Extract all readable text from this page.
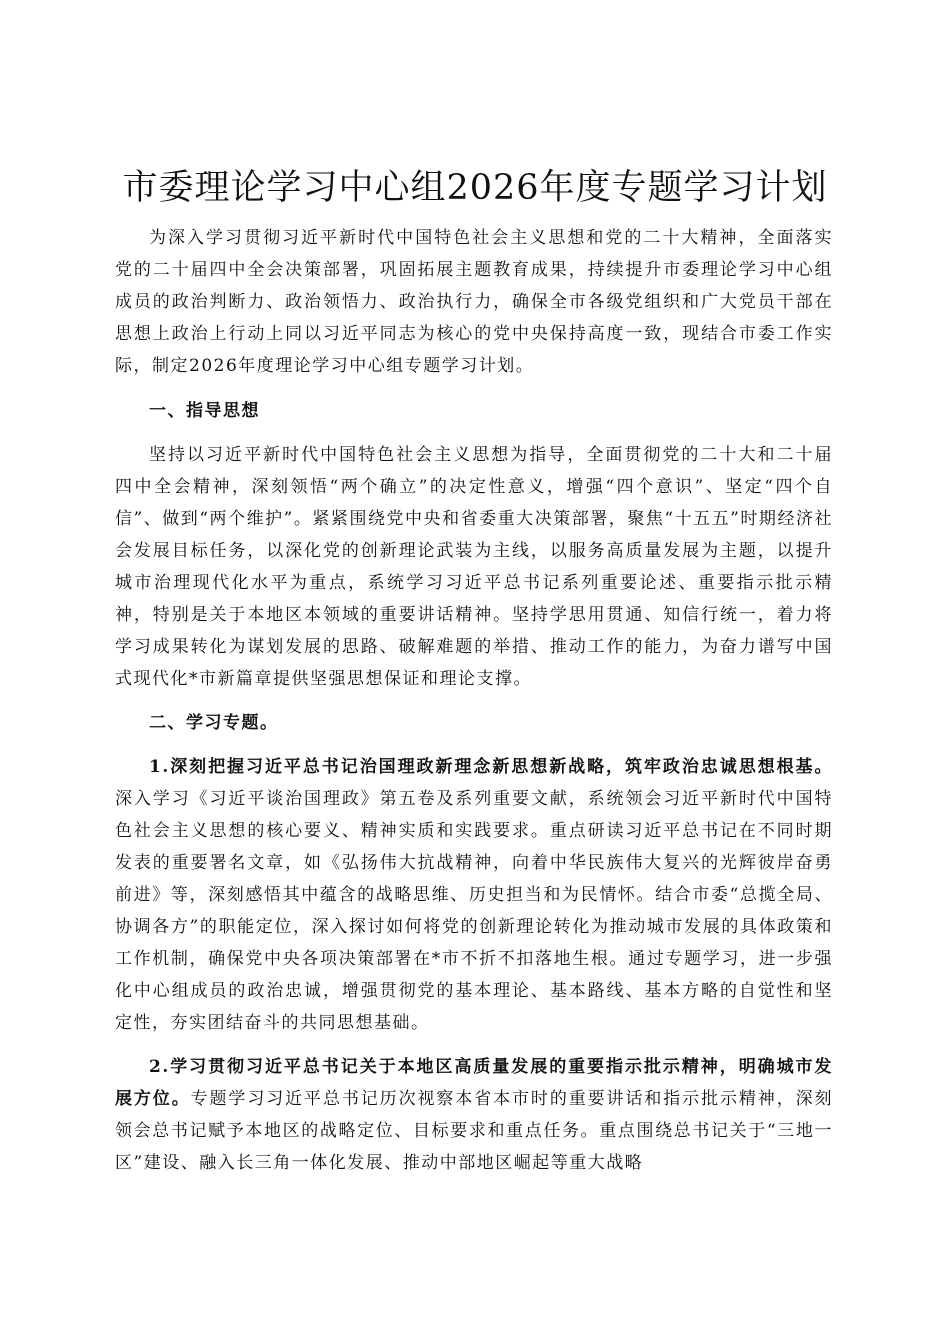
市委理论学习中心组2026年度专题学习计划

为深入学习贯彻习近平新时代中国特色社会主义思想和党的二十大精神，全面落实党的二十届四中全会决策部署，巩固拓展主题教育成果，持续提升市委理论学习中心组成员的政治判断力、政治领悟力、政治执行力，确保全市各级党组织和广大党员干部在思想上政治上行动上同以习近平同志为核心的党中央保持高度一致，现结合市委工作实际，制定2026年度理论学习中心组专题学习计划。

一、指导思想

坚持以习近平新时代中国特色社会主义思想为指导，全面贯彻党的二十大和二十届四中全会精神，深刻领悟“两个确立”的决定性意义，增强“四个意识”、坚定“四个自信”、做到“两个维护”。紧紧围绕党中央和省委重大决策部署，聚焦“十五五”时期经济社会发展目标任务，以深化党的创新理论武装为主线，以服务高质量发展为主题，以提升城市治理现代化水平为重点，系统学习习近平总书记系列重要论述、重要指示批示精神，特别是关于本地区本领域的重要讲话精神。坚持学思用贯通、知信行统一，着力将学习成果转化为谋划发展的思路、破解难题的举措、推动工作的能力，为奋力谱写中国式现代化*市新篇章提供坚强思想保证和理论支撑。

二、学习专题。

1.深刻把握习近平总书记治国理政新理念新思想新战略，筑牢政治忠诚思想根基。深入学习《习近平谈治国理政》第五卷及系列重要文献，系统领会习近平新时代中国特色社会主义思想的核心要义、精神实质和实践要求。重点研读习近平总书记在不同时期发表的重要署名文章，如《弘扬伟大抗战精神，向着中华民族伟大复兴的光辉彼岸奋勇前进》等，深刻感悟其中蕴含的战略思维、历史担当和为民情怀。结合市委“总揽全局、协调各方”的职能定位，深入探讨如何将党的创新理论转化为推动城市发展的具体政策和工作机制，确保党中央各项决策部署在*市不折不扣落地生根。通过专题学习，进一步强化中心组成员的政治忠诚，增强贯彻党的基本理论、基本路线、基本方略的自觉性和坚定性，夯实团结奋斗的共同思想基础。

2.学习贯彻习近平总书记关于本地区高质量发展的重要指示批示精神，明确城市发展方位。专题学习习近平总书记历次视察本省本市时的重要讲话和指示批示精神，深刻领会总书记赋予本地区的战略定位、目标要求和重点任务。重点围绕总书记关于“三地一区”建设、融入长三角一体化发展、推动中部地区崛起等重大战略
